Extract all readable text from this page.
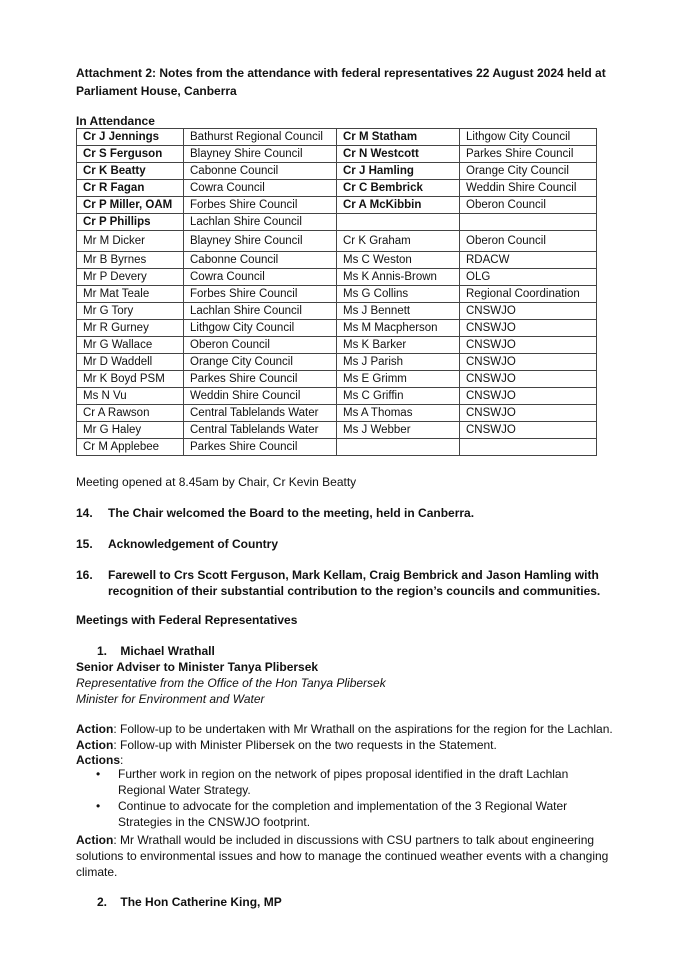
Attachment 2: Notes from the attendance with federal representatives 22 August 2024 held at Parliament House, Canberra
In Attendance
Cr J Jennings	Bathurst Regional Council	Cr M Statham	Lithgow City Council
Cr S Ferguson	Blayney Shire Council	Cr N Westcott	Parkes Shire Council
Cr K Beatty	Cabonne Council	Cr J Hamling	Orange City Council
Cr R Fagan	Cowra Council	Cr C Bembrick	Weddin Shire Council
Cr P Miller, OAM	Forbes Shire Council	Cr A McKibbin	Oberon Council
Cr P Phillips	Lachlan Shire Council		
Mr M Dicker	Blayney Shire Council	Cr K Graham	Oberon Council
Mr B Byrnes	Cabonne Council	Ms C Weston	RDACW
Mr P Devery	Cowra Council	Ms K Annis-Brown	OLG
Mr Mat Teale	Forbes Shire Council	Ms G Collins	Regional Coordination
Mr G Tory	Lachlan Shire Council	Ms J Bennett	CNSWJO
Mr R Gurney	Lithgow City Council	Ms M Macpherson	CNSWJO
Mr G Wallace	Oberon Council	Ms K Barker	CNSWJO
Mr D Waddell	Orange City Council	Ms J Parish	CNSWJO
Mr K Boyd PSM	Parkes Shire Council	Ms E Grimm	CNSWJO
Ms N Vu	Weddin Shire Council	Ms C Griffin	CNSWJO
Cr A Rawson	Central Tablelands Water	Ms A Thomas	CNSWJO
Mr G Haley	Central Tablelands Water	Ms J Webber	CNSWJO
Cr M Applebee	Parkes Shire Council		
Meeting opened at 8.45am by Chair, Cr Kevin Beatty
14. The Chair welcomed the Board to the meeting, held in Canberra.
15. Acknowledgement of Country
16. Farewell to Crs Scott Ferguson, Mark Kellam, Craig Bembrick and Jason Hamling with recognition of their substantial contribution to the region’s councils and communities.
Meetings with Federal Representatives
1. Michael Wrathall
Senior Adviser to Minister Tanya Plibersek
Representative from the Office of the Hon Tanya Plibersek
Minister for Environment and Water
Action: Follow-up to be undertaken with Mr Wrathall on the aspirations for the region for the Lachlan.
Action: Follow-up with Minister Plibersek on the two requests in the Statement.
Actions:
• Further work in region on the network of pipes proposal identified in the draft Lachlan Regional Water Strategy.
• Continue to advocate for the completion and implementation of the 3 Regional Water Strategies in the CNSWJO footprint.
Action: Mr Wrathall would be included in discussions with CSU partners to talk about engineering solutions to environmental issues and how to manage the continued weather events with a changing climate.
2. The Hon Catherine King, MP
